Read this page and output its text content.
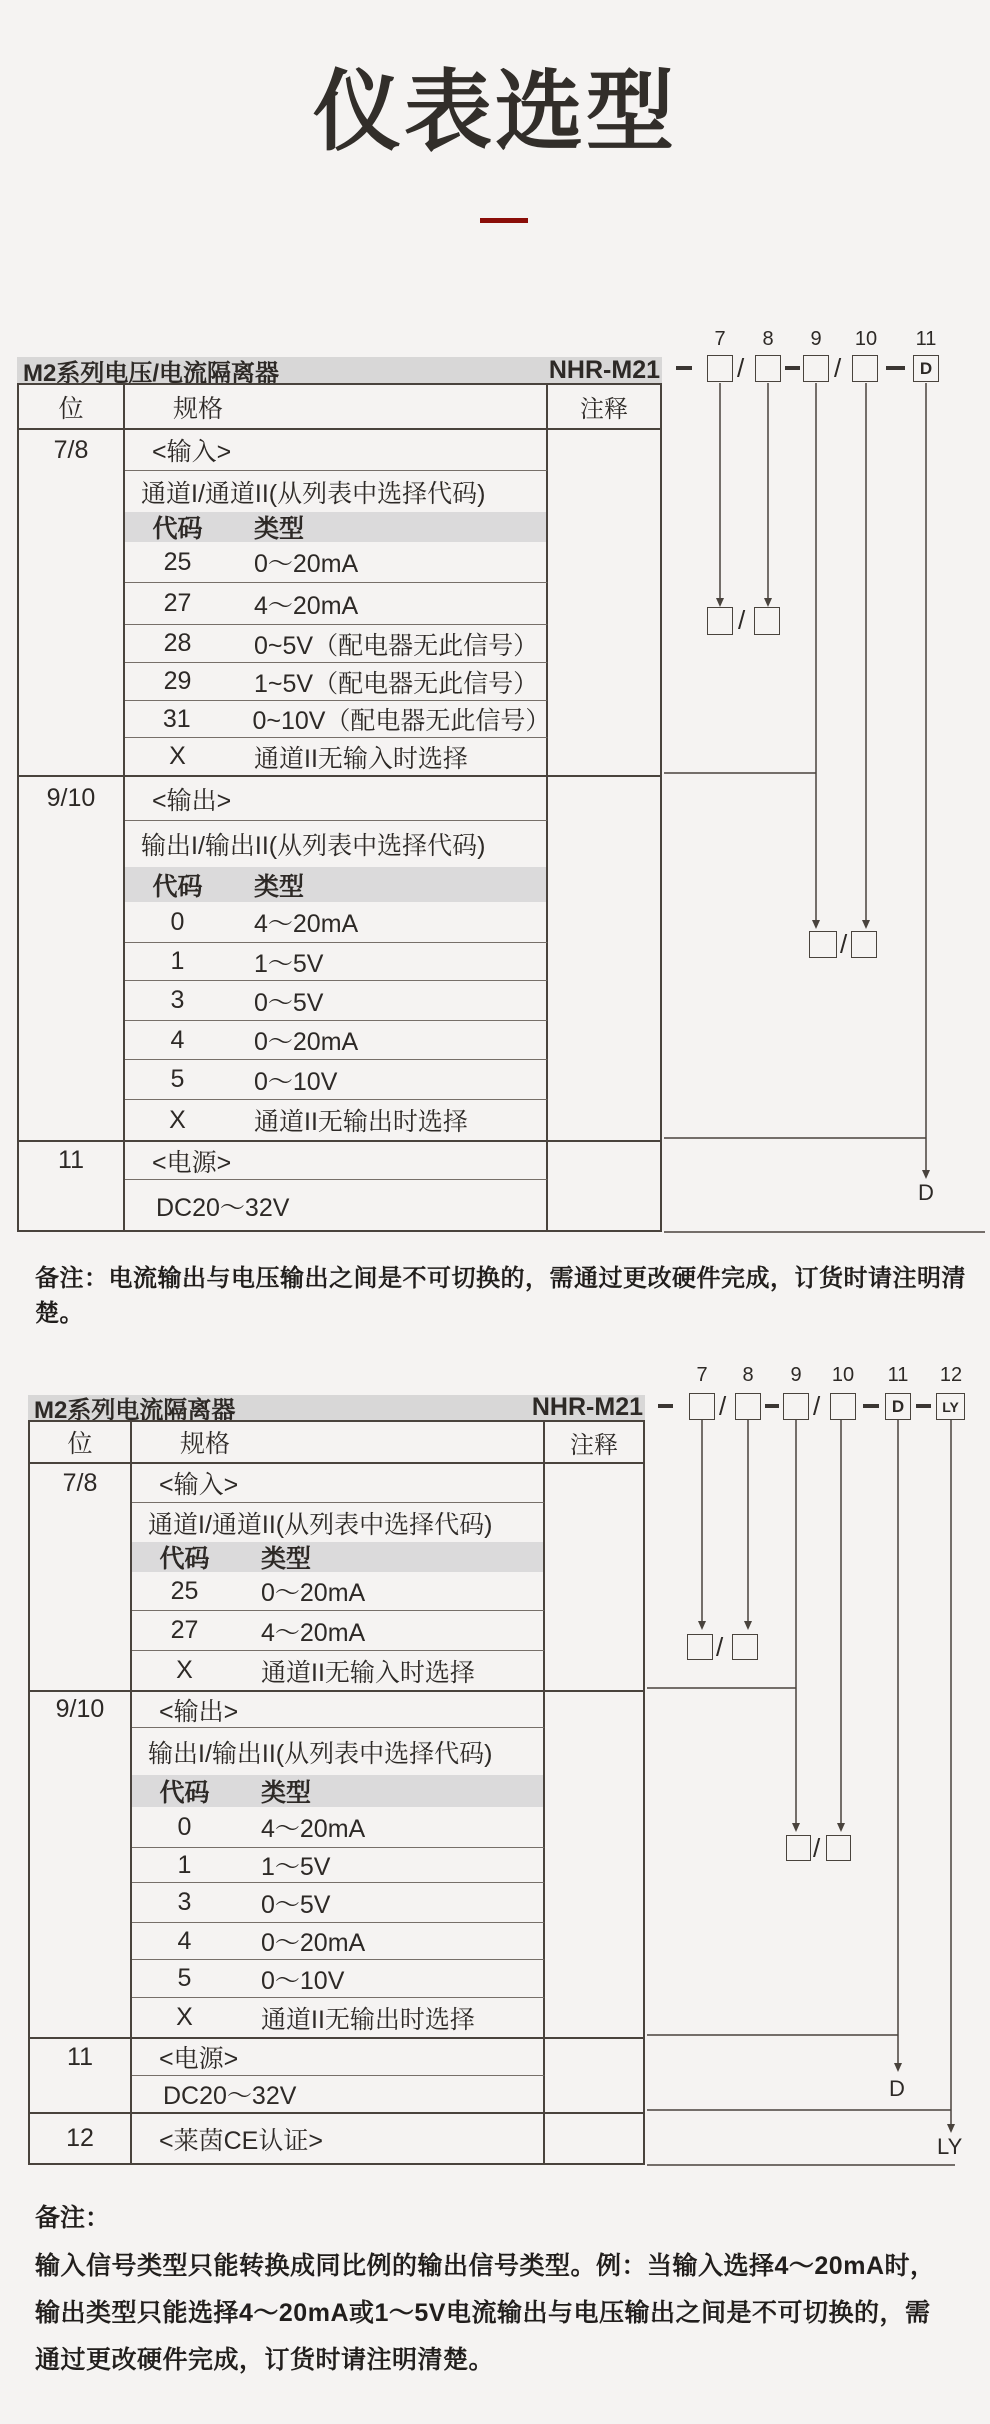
仪表选型
M2系列电压/电流隔离器	NHR-M21
位	规格	注释
7/8	<输入>
通道I/通道II(从列表中选择代码)
代码	类型
25	0～20mA
27	4～20mA
28	0~5V（配电器无此信号）
29	1~5V（配电器无此信号）
31	0~10V（配电器无此信号）
X	通道II无输入时选择
9/10	<输出>
输出I/输出II(从列表中选择代码)
代码	类型
0	4～20mA
1	1～5V
3	0～5V
4	0～20mA
5	0～10V
X	通道II无输出时选择
11	<电源>
DC20～32V
7	8	9	10 11
/	/	D
/
/
D
备注：电流输出与电压输出之间是不可切换的，需通过更改硬件完成，订货时请注明清楚。
M2系列电流隔离器	NHR-M21
位	规格	注释
7/8	<输入>
通道I/通道II(从列表中选择代码)
代码	类型
25	0～20mA
27	4～20mA
X	通道II无输入时选择
9/10	<输出>
输出I/输出II(从列表中选择代码)
代码	类型
0	4～20mA
1	1～5V
3	0～5V
4	0～20mA
5	0～10V
X	通道II无输出时选择
11	<电源>
DC20～32V
12	<莱茵CE认证>
7	8	9	10 11 12
/	/	D	LY
/
/
D
LY
备注：
输入信号类型只能转换成同比例的输出信号类型。例：当输入选择4～20mA时，
输出类型只能选择4～20mA或1～5V电流输出与电压输出之间是不可切换的，需
通过更改硬件完成，订货时请注明清楚。
